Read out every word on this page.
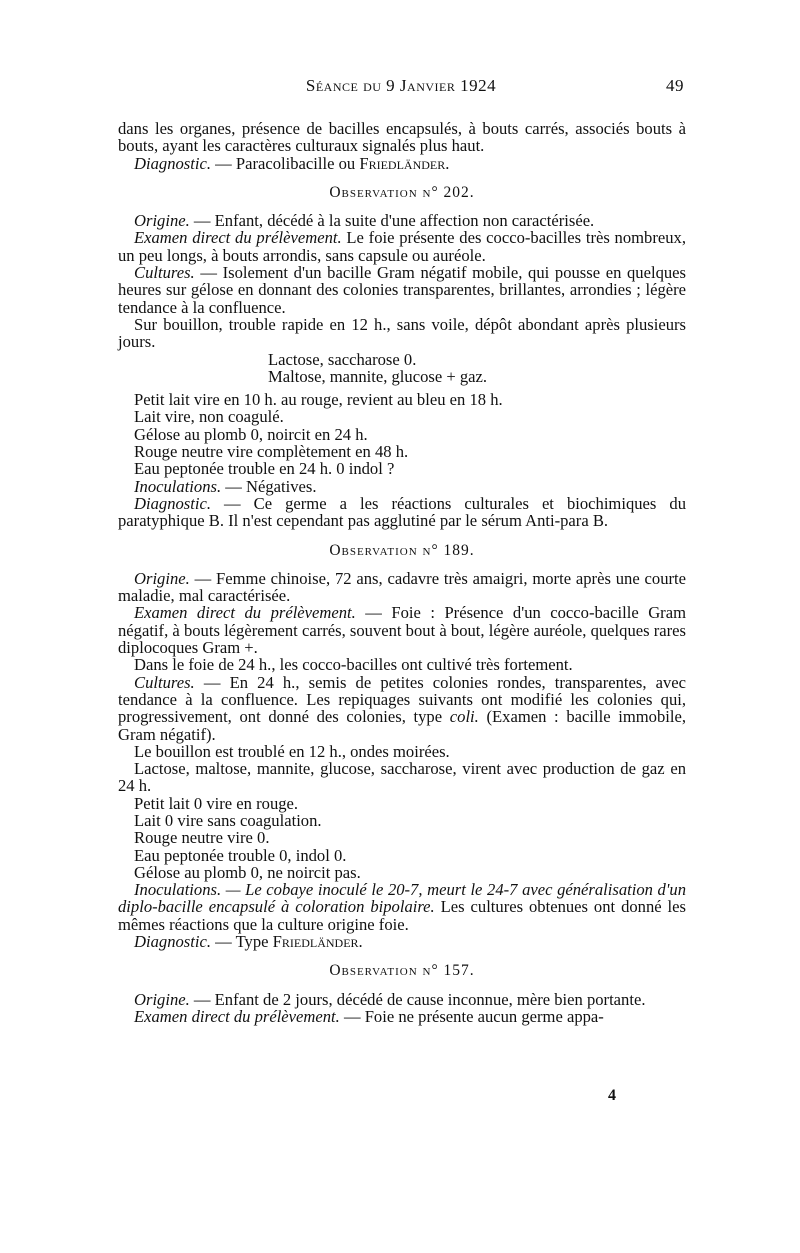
Séance du 9 Janvier 1924	49

dans les organes, présence de bacilles encapsulés, à bouts carrés, associés bouts à bouts, ayant les caractères culturaux signalés plus haut.

Diagnostic. — Paracolibacille ou Friedländer.

Observation n° 202.

Origine. — Enfant, décédé à la suite d'une affection non caractérisée.

Examen direct du prélèvement. Le foie présente des cocco-bacilles très nombreux, un peu longs, à bouts arrondis, sans capsule ou auréole.

Cultures. — Isolement d'un bacille Gram négatif mobile, qui pousse en quelques heures sur gélose en donnant des colonies transparentes, brillantes, arrondies ; légère tendance à la confluence.

Sur bouillon, trouble rapide en 12 h., sans voile, dépôt abondant après plusieurs jours.

Lactose, saccharose 0.

Maltose, mannite, glucose + gaz.

Petit lait vire en 10 h. au rouge, revient au bleu en 18 h.

Lait vire, non coagulé.

Gélose au plomb 0, noircit en 24 h.

Rouge neutre vire complètement en 48 h.

Eau peptonée trouble en 24 h. 0 indol ?

Inoculations. — Négatives.

Diagnostic. — Ce germe a les réactions culturales et biochimiques du paratyphique B. Il n'est cependant pas agglutiné par le sérum Anti-para B.

Observation n° 189.

Origine. — Femme chinoise, 72 ans, cadavre très amaigri, morte après une courte maladie, mal caractérisée.

Examen direct du prélèvement. — Foie : Présence d'un cocco-bacille Gram négatif, à bouts légèrement carrés, souvent bout à bout, légère auréole, quelques rares diplocoques Gram +.

Dans le foie de 24 h., les cocco-bacilles ont cultivé très fortement.

Cultures. — En 24 h., semis de petites colonies rondes, transparentes, avec tendance à la confluence. Les repiquages suivants ont modifié les colonies qui, progressivement, ont donné des colonies, type coli. (Examen : bacille immobile, Gram négatif).

Le bouillon est troublé en 12 h., ondes moirées.

Lactose, maltose, mannite, glucose, saccharose, virent avec production de gaz en 24 h.

Petit lait 0 vire en rouge.

Lait 0 vire sans coagulation.

Rouge neutre vire 0.

Eau peptonée trouble 0, indol 0.

Gélose au plomb 0, ne noircit pas.

Inoculations. — Le cobaye inoculé le 20-7, meurt le 24-7 avec généralisation d'un diplo-bacille encapsulé à coloration bipolaire. Les cultures obtenues ont donné les mêmes réactions que la culture origine foie.

Diagnostic. — Type Friedländer.

Observation n° 157.

Origine. — Enfant de 2 jours, décédé de cause inconnue, mère bien portante.

Examen direct du prélèvement. — Foie ne présente aucun germe appa-

4
